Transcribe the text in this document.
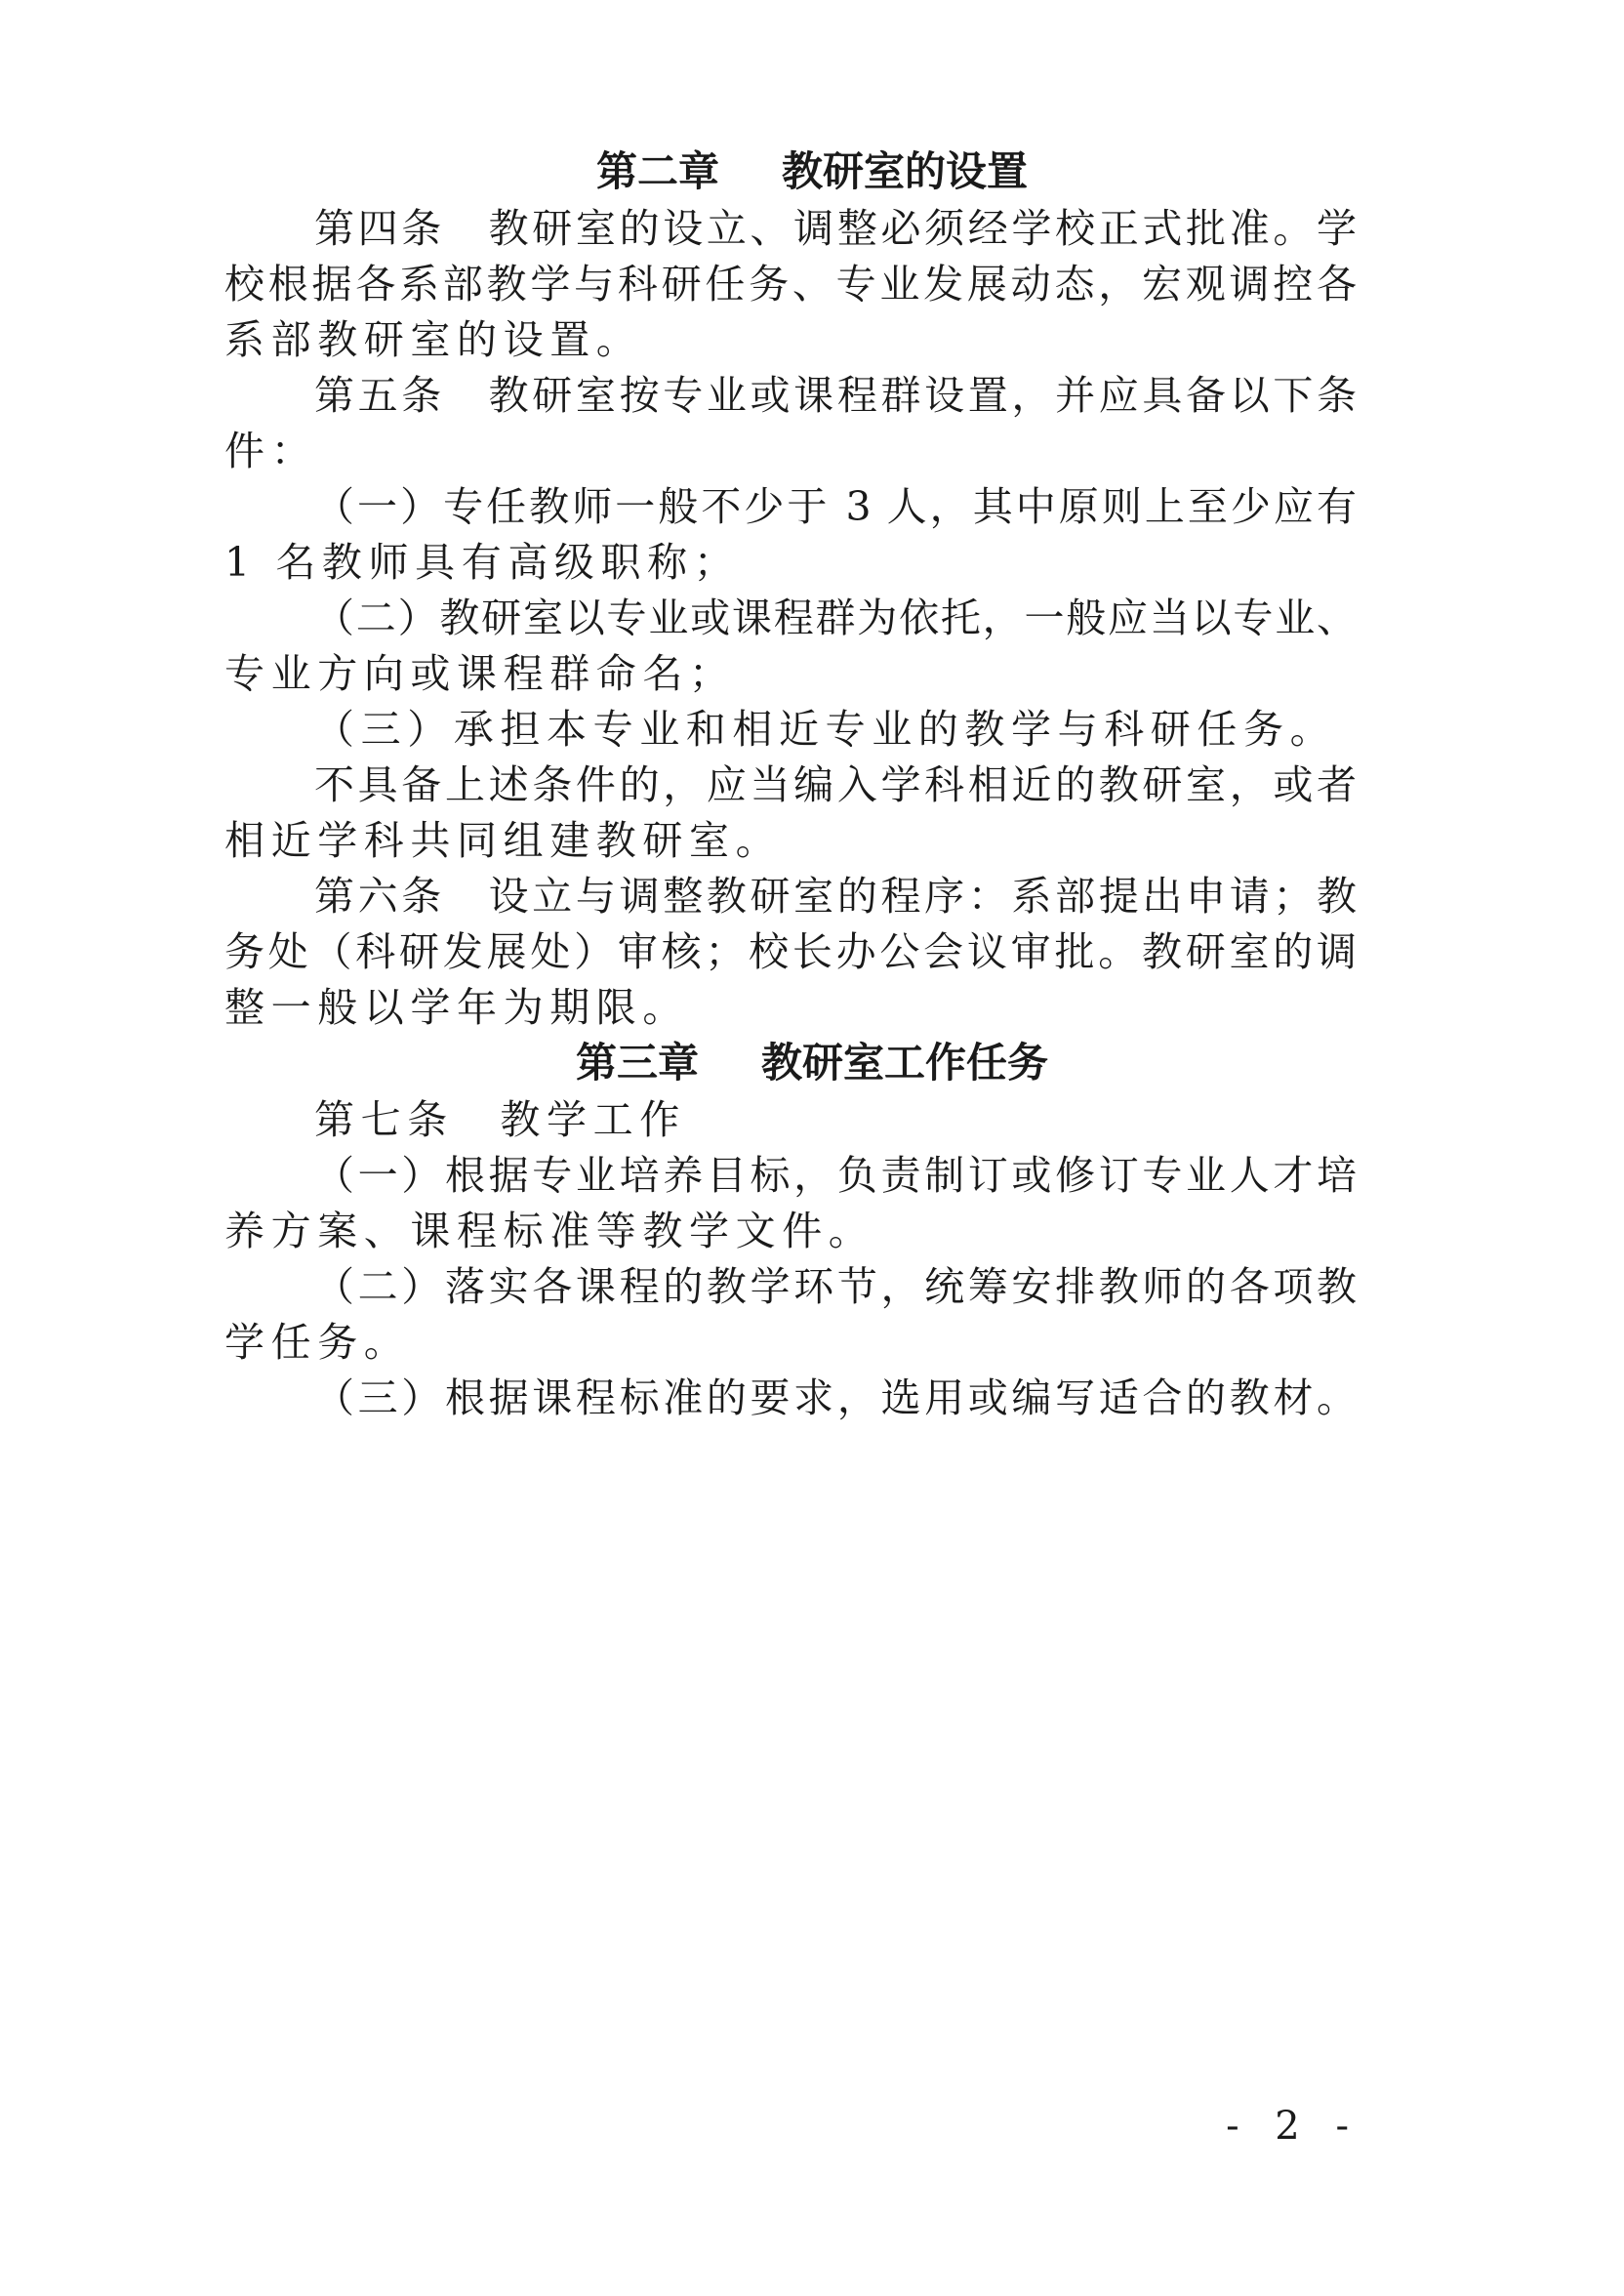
第二章 教研室的设置
第四条　教研室的设立、调整必须经学校正式批准。学
校根据各系部教学与科研任务、专业发展动态，宏观调控各
系部教研室的设置。
第五条　教研室按专业或课程群设置，并应具备以下条
件：
（一）专任教师一般不少于 3 人，其中原则上至少应有
1 名教师具有高级职称；
（二）教研室以专业或课程群为依托，一般应当以专业、
专业方向或课程群命名；
（三）承担本专业和相近专业的教学与科研任务。
不具备上述条件的，应当编入学科相近的教研室，或者
相近学科共同组建教研室。
第六条　设立与调整教研室的程序：系部提出申请；教
务处（科研发展处）审核；校长办公会议审批。教研室的调
整一般以学年为期限。
第三章 教研室工作任务
第七条　教学工作
（一）根据专业培养目标，负责制订或修订专业人才培
养方案、课程标准等教学文件。
（二）落实各课程的教学环节，统筹安排教师的各项教
学任务。
（三）根据课程标准的要求，选用或编写适合的教材。
- 2 -
